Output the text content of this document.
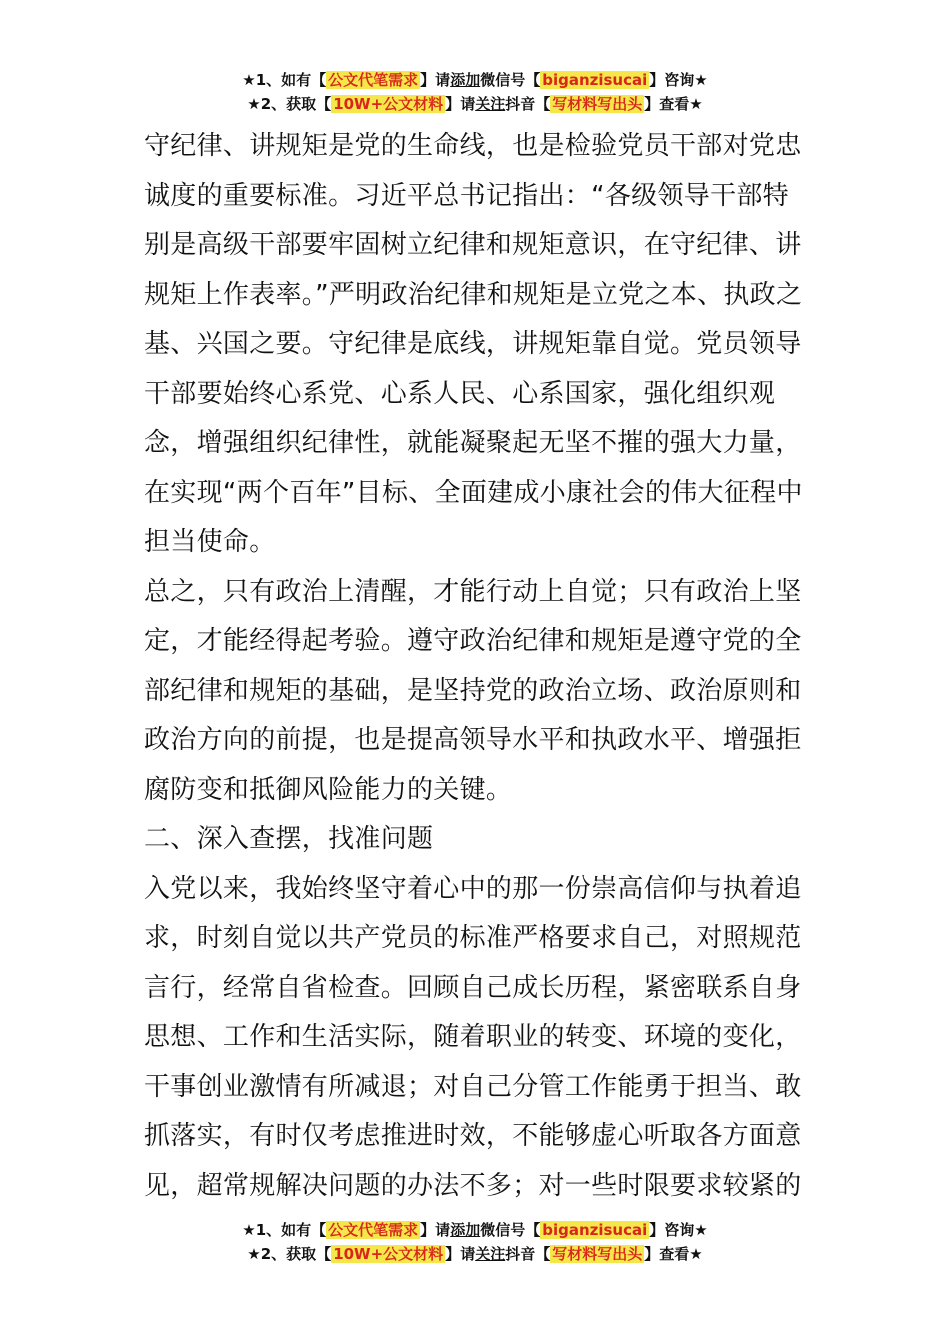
★1、如有【 公文代笔需求 】请添加微信号【 biganzisucai 】咨询★
★2、获取【 10W+公文材料 】请关注抖音【 写材料写出头 】查看★

守纪律、讲规矩是党的生命线，也是检验党员干部对党忠诚度的重要标准。习近平总书记指出：“各级领导干部特别是高级干部要牢固树立纪律和规矩意识，在守纪律、讲规矩上作表率。”严明政治纪律和规矩是立党之本、执政之基、兴国之要。守纪律是底线，讲规矩靠自觉。党员领导干部要始终心系党、心系人民、心系国家，强化组织观念，增强组织纪律性，就能凝聚起无坚不摧的强大力量，在实现“两个百年”目标、全面建成小康社会的伟大征程中担当使命。

总之，只有政治上清醒，才能行动上自觉；只有政治上坚定，才能经得起考验。遵守政治纪律和规矩是遵守党的全部纪律和规矩的基础，是坚持党的政治立场、政治原则和政治方向的前提，也是提高领导水平和执政水平、增强拒腐防变和抵御风险能力的关键。

二、深入查摆，找准问题

入党以来，我始终坚守着心中的那一份崇高信仰与执着追求，时刻自觉以共产党员的标准严格要求自己，对照规范言行，经常自省检查。回顾自己成长历程，紧密联系自身思想、工作和生活实际，随着职业的转变、环境的变化，干事创业激情有所减退；对自己分管工作能勇于担当、敢抓落实，有时仅考虑推进时效，不能够虚心听取各方面意见，超常规解决问题的办法不多；对一些时限要求较紧的

★1、如有【 公文代笔需求 】请添加微信号【 biganzisucai 】咨询★
★2、获取【 10W+公文材料 】请关注抖音【 写材料写出头 】查看★
